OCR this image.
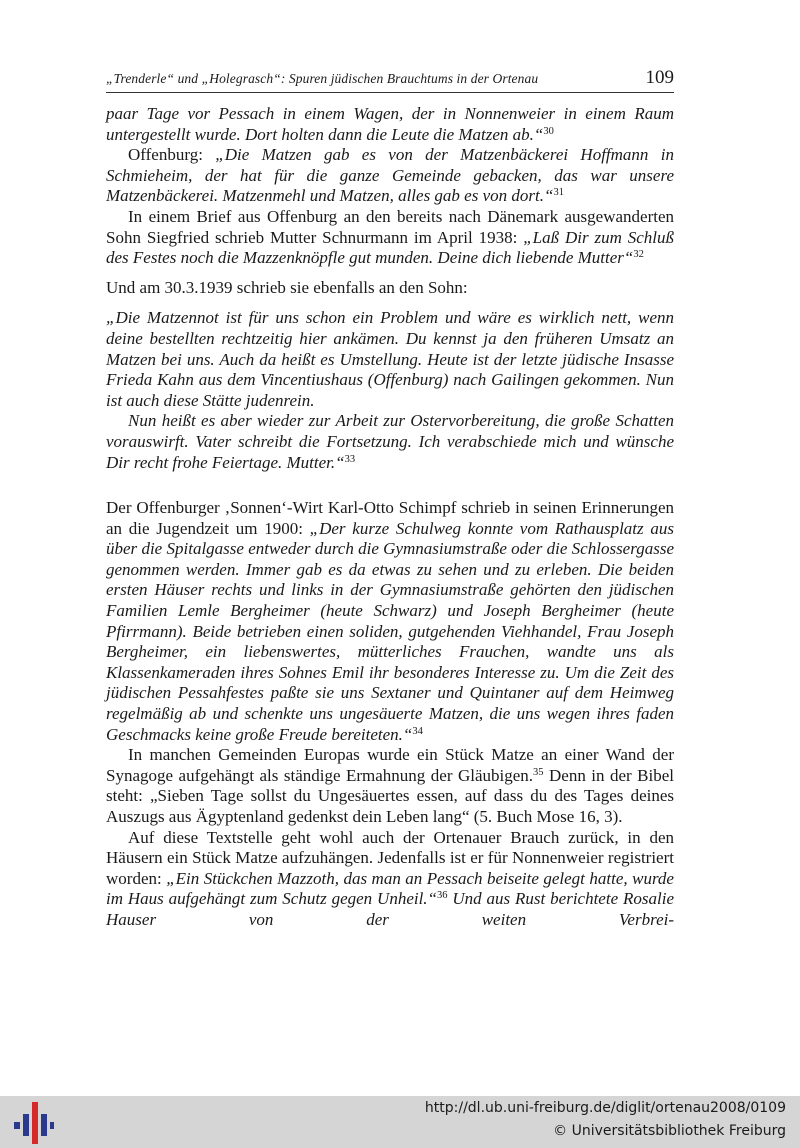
„Trenderle“ und „Holegrasch“: Spuren jüdischen Brauchtums in der Ortenau	109

paar Tage vor Pessach in einem Wagen, der in Nonnenweier in einem Raum untergestellt wurde. Dort holten dann die Leute die Matzen ab.“$^{30}$

Offenburg: „Die Matzen gab es von der Matzenbäckerei Hoffmann in Schmieheim, der hat für die ganze Gemeinde gebacken, das war unsere Matzenbäckerei. Matzenmehl und Matzen, alles gab es von dort.“$^{31}$

In einem Brief aus Offenburg an den bereits nach Dänemark ausgewanderten Sohn Siegfried schrieb Mutter Schnurmann im April 1938: „Laß Dir zum Schluß des Festes noch die Mazzenknöpfle gut munden. Deine dich liebende Mutter“$^{32}$

Und am 30.3.1939 schrieb sie ebenfalls an den Sohn:

„Die Matzennot ist für uns schon ein Problem und wäre es wirklich nett, wenn deine bestellten rechtzeitig hier ankämen. Du kennst ja den früheren Umsatz an Matzen bei uns. Auch da heißt es Umstellung. Heute ist der letzte jüdische Insasse Frieda Kahn aus dem Vincentiushaus (Offenburg) nach Gailingen gekommen. Nun ist auch diese Stätte judenrein.

Nun heißt es aber wieder zur Arbeit zur Ostervorbereitung, die große Schatten vorauswirft. Vater schreibt die Fortsetzung. Ich verabschiede mich und wünsche Dir recht frohe Feiertage. Mutter.“$^{33}$

Der Offenburger ‚Sonnen‘-Wirt Karl-Otto Schimpf schrieb in seinen Erinnerungen an die Jugendzeit um 1900: „Der kurze Schulweg konnte vom Rathausplatz aus über die Spitalgasse entweder durch die Gymnasiumstraße oder die Schlossergasse genommen werden. Immer gab es da etwas zu sehen und zu erleben. Die beiden ersten Häuser rechts und links in der Gymnasiumstraße gehörten den jüdischen Familien Lemle Bergheimer (heute Schwarz) und Joseph Bergheimer (heute Pfirrmann). Beide betrieben einen soliden, gutgehenden Viehhandel, Frau Joseph Bergheimer, ein liebenswertes, mütterliches Frauchen, wandte uns als Klassenkameraden ihres Sohnes Emil ihr besonderes Interesse zu. Um die Zeit des jüdischen Pessahfestes paßte sie uns Sextaner und Quintaner auf dem Heimweg regelmäßig ab und schenkte uns ungesäuerte Matzen, die uns wegen ihres faden Geschmacks keine große Freude bereiteten.“$^{34}$

In manchen Gemeinden Europas wurde ein Stück Matze an einer Wand der Synagoge aufgehängt als ständige Ermahnung der Gläubigen.$^{35}$ Denn in der Bibel steht: „Sieben Tage sollst du Ungesäuertes essen, auf dass du des Tages deines Auszugs aus Ägyptenland gedenkst dein Leben lang“ (5. Buch Mose 16, 3).

Auf diese Textstelle geht wohl auch der Ortenauer Brauch zurück, in den Häusern ein Stück Matze aufzuhängen. Jedenfalls ist er für Nonnenweier registriert worden: „Ein Stückchen Mazzoth, das man an Pessach beiseite gelegt hatte, wurde im Haus aufgehängt zum Schutz gegen Unheil.“$^{36}$ Und aus Rust berichtete Rosalie Hauser von der weiten Verbrei-

http://dl.ub.uni-freiburg.de/diglit/ortenau2008/0109
© Universitätsbibliothek Freiburg
